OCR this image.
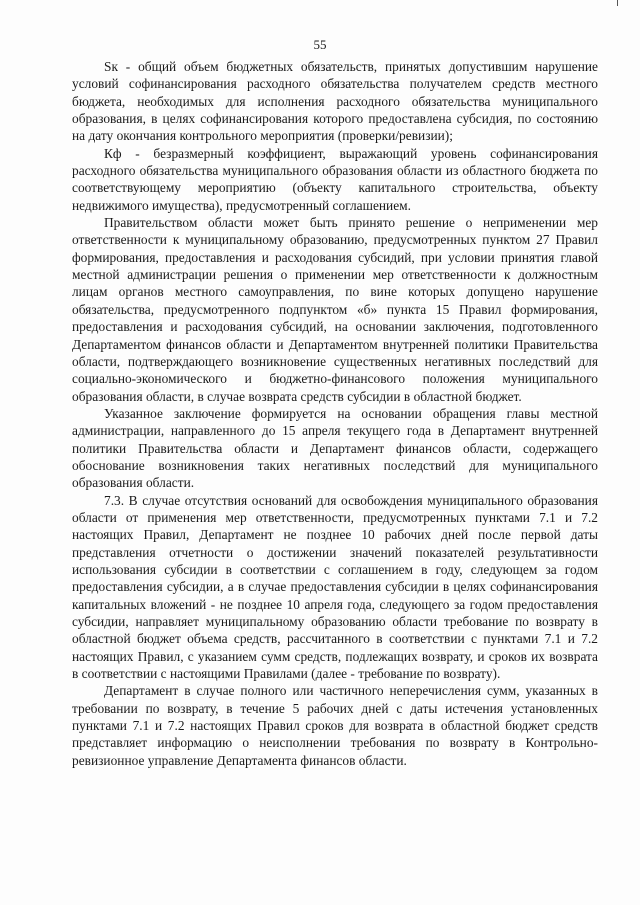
55

Sк - общий объем бюджетных обязательств, принятых допустившим нарушение условий софинансирования расходного обязательства получателем средств местного бюджета, необходимых для исполнения расходного обязательства муниципального образования, в целях софинансирования которого предоставлена субсидия, по состоянию на дату окончания контрольного мероприятия (проверки/ревизии);

Кф - безразмерный коэффициент, выражающий уровень софинансирования расходного обязательства муниципального образования области из областного бюджета по соответствующему мероприятию (объекту капитального строительства, объекту недвижимого имущества), предусмотренный соглашением.

Правительством области может быть принято решение о неприменении мер ответственности к муниципальному образованию, предусмотренных пунктом 27 Правил формирования, предоставления и расходования субсидий, при условии принятия главой местной администрации решения о применении мер ответственности к должностным лицам органов местного самоуправления, по вине которых допущено нарушение обязательства, предусмотренного подпунктом «б» пункта 15 Правил формирования, предоставления и расходования субсидий, на основании заключения, подготовленного Департаментом финансов области и Департаментом внутренней политики Правительства области, подтверждающего возникновение существенных негативных последствий для социально-экономического и бюджетно-финансового положения муниципального образования области, в случае возврата средств субсидии в областной бюджет.

Указанное заключение формируется на основании обращения главы местной администрации, направленного до 15 апреля текущего года в Департамент внутренней политики Правительства области и Департамент финансов области, содержащего обоснование возникновения таких негативных последствий для муниципального образования области.

7.3. В случае отсутствия оснований для освобождения муниципального образования области от применения мер ответственности, предусмотренных пунктами 7.1 и 7.2 настоящих Правил, Департамент не позднее 10 рабочих дней после первой даты представления отчетности о достижении значений показателей результативности использования субсидии в соответствии с соглашением в году, следующем за годом предоставления субсидии, а в случае предоставления субсидии в целях софинансирования капитальных вложений - не позднее 10 апреля года, следующего за годом предоставления субсидии, направляет муниципальному образованию области требование по возврату в областной бюджет объема средств, рассчитанного в соответствии с пунктами 7.1 и 7.2 настоящих Правил, с указанием сумм средств, подлежащих возврату, и сроков их возврата в соответствии с настоящими Правилами (далее - требование по возврату).

Департамент в случае полного или частичного неперечисления сумм, указанных в требовании по возврату, в течение 5 рабочих дней с даты истечения установленных пунктами 7.1 и 7.2 настоящих Правил сроков для возврата в областной бюджет средств представляет информацию о неисполнении требования по возврату в Контрольно-ревизионное управление Департамента финансов области.
